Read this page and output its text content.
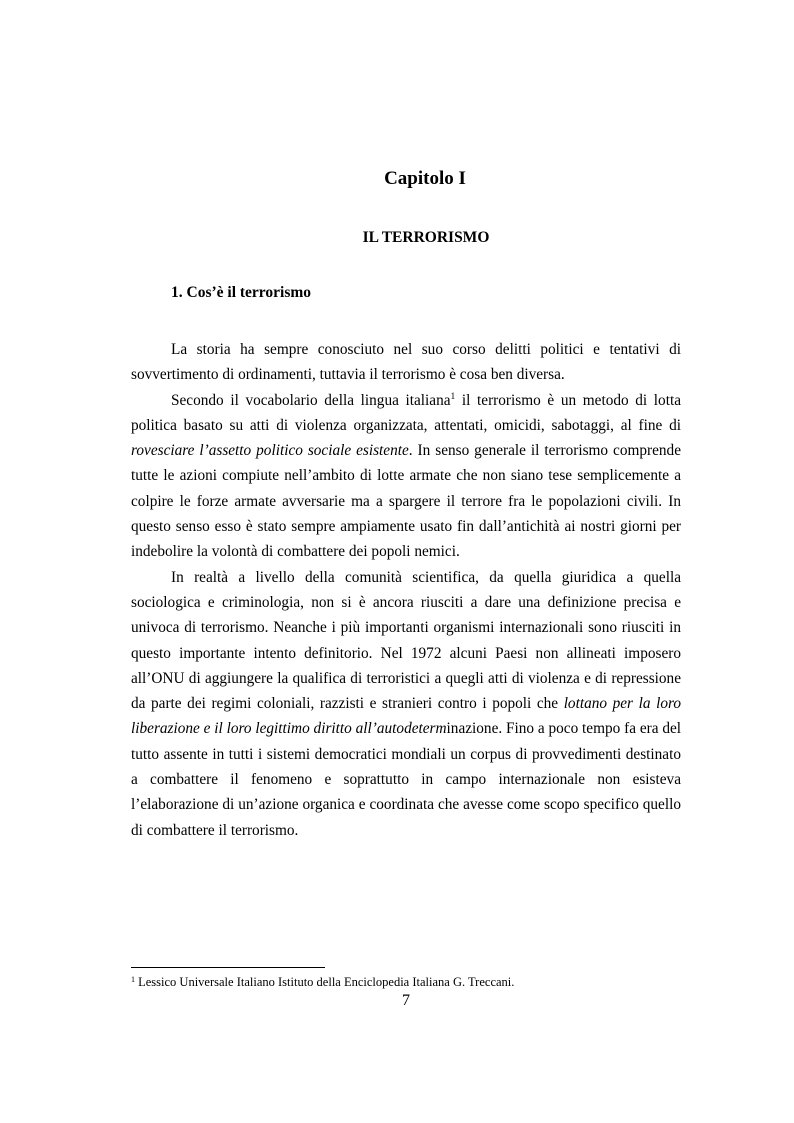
Capitolo I
IL TERRORISMO
1. Cos’è il terrorismo

La storia ha sempre conosciuto nel suo corso delitti politici e tentativi di sovvertimento di ordinamenti, tuttavia il terrorismo è cosa ben diversa.

Secondo il vocabolario della lingua italiana$^1$ il terrorismo è un metodo di lotta politica basato su atti di violenza organizzata, attentati, omicidi, sabotaggi, al fine di rovesciare l’assetto politico sociale esistente. In senso generale il terrorismo comprende tutte le azioni compiute nell’ambito di lotte armate che non siano tese semplicemente a colpire le forze armate avversarie ma a spargere il terrore fra le popolazioni civili. In questo senso esso è stato sempre ampiamente usato fin dall’antichità ai nostri giorni per indebolire la volontà di combattere dei popoli nemici.

In realtà a livello della comunità scientifica, da quella giuridica a quella sociologica e criminologia, non si è ancora riusciti a dare una definizione precisa e univoca di terrorismo. Neanche i più importanti organismi internazionali sono riusciti in questo importante intento definitorio. Nel 1972 alcuni Paesi non allineati imposero all’ONU di aggiungere la qualifica di terroristici a quegli atti di violenza e di repressione da parte dei regimi coloniali, razzisti e stranieri contro i popoli che lottano per la loro liberazione e il loro legittimo diritto all’autodeterminazione. Fino a poco tempo fa era del tutto assente in tutti i sistemi democratici mondiali un corpus di provvedimenti destinato a combattere il fenomeno e soprattutto in campo internazionale non esisteva l’elaborazione di un’azione organica e coordinata che avesse come scopo specifico quello di combattere il terrorismo.

$^1$ Lessico Universale Italiano Istituto della Enciclopedia Italiana G. Treccani.

7
